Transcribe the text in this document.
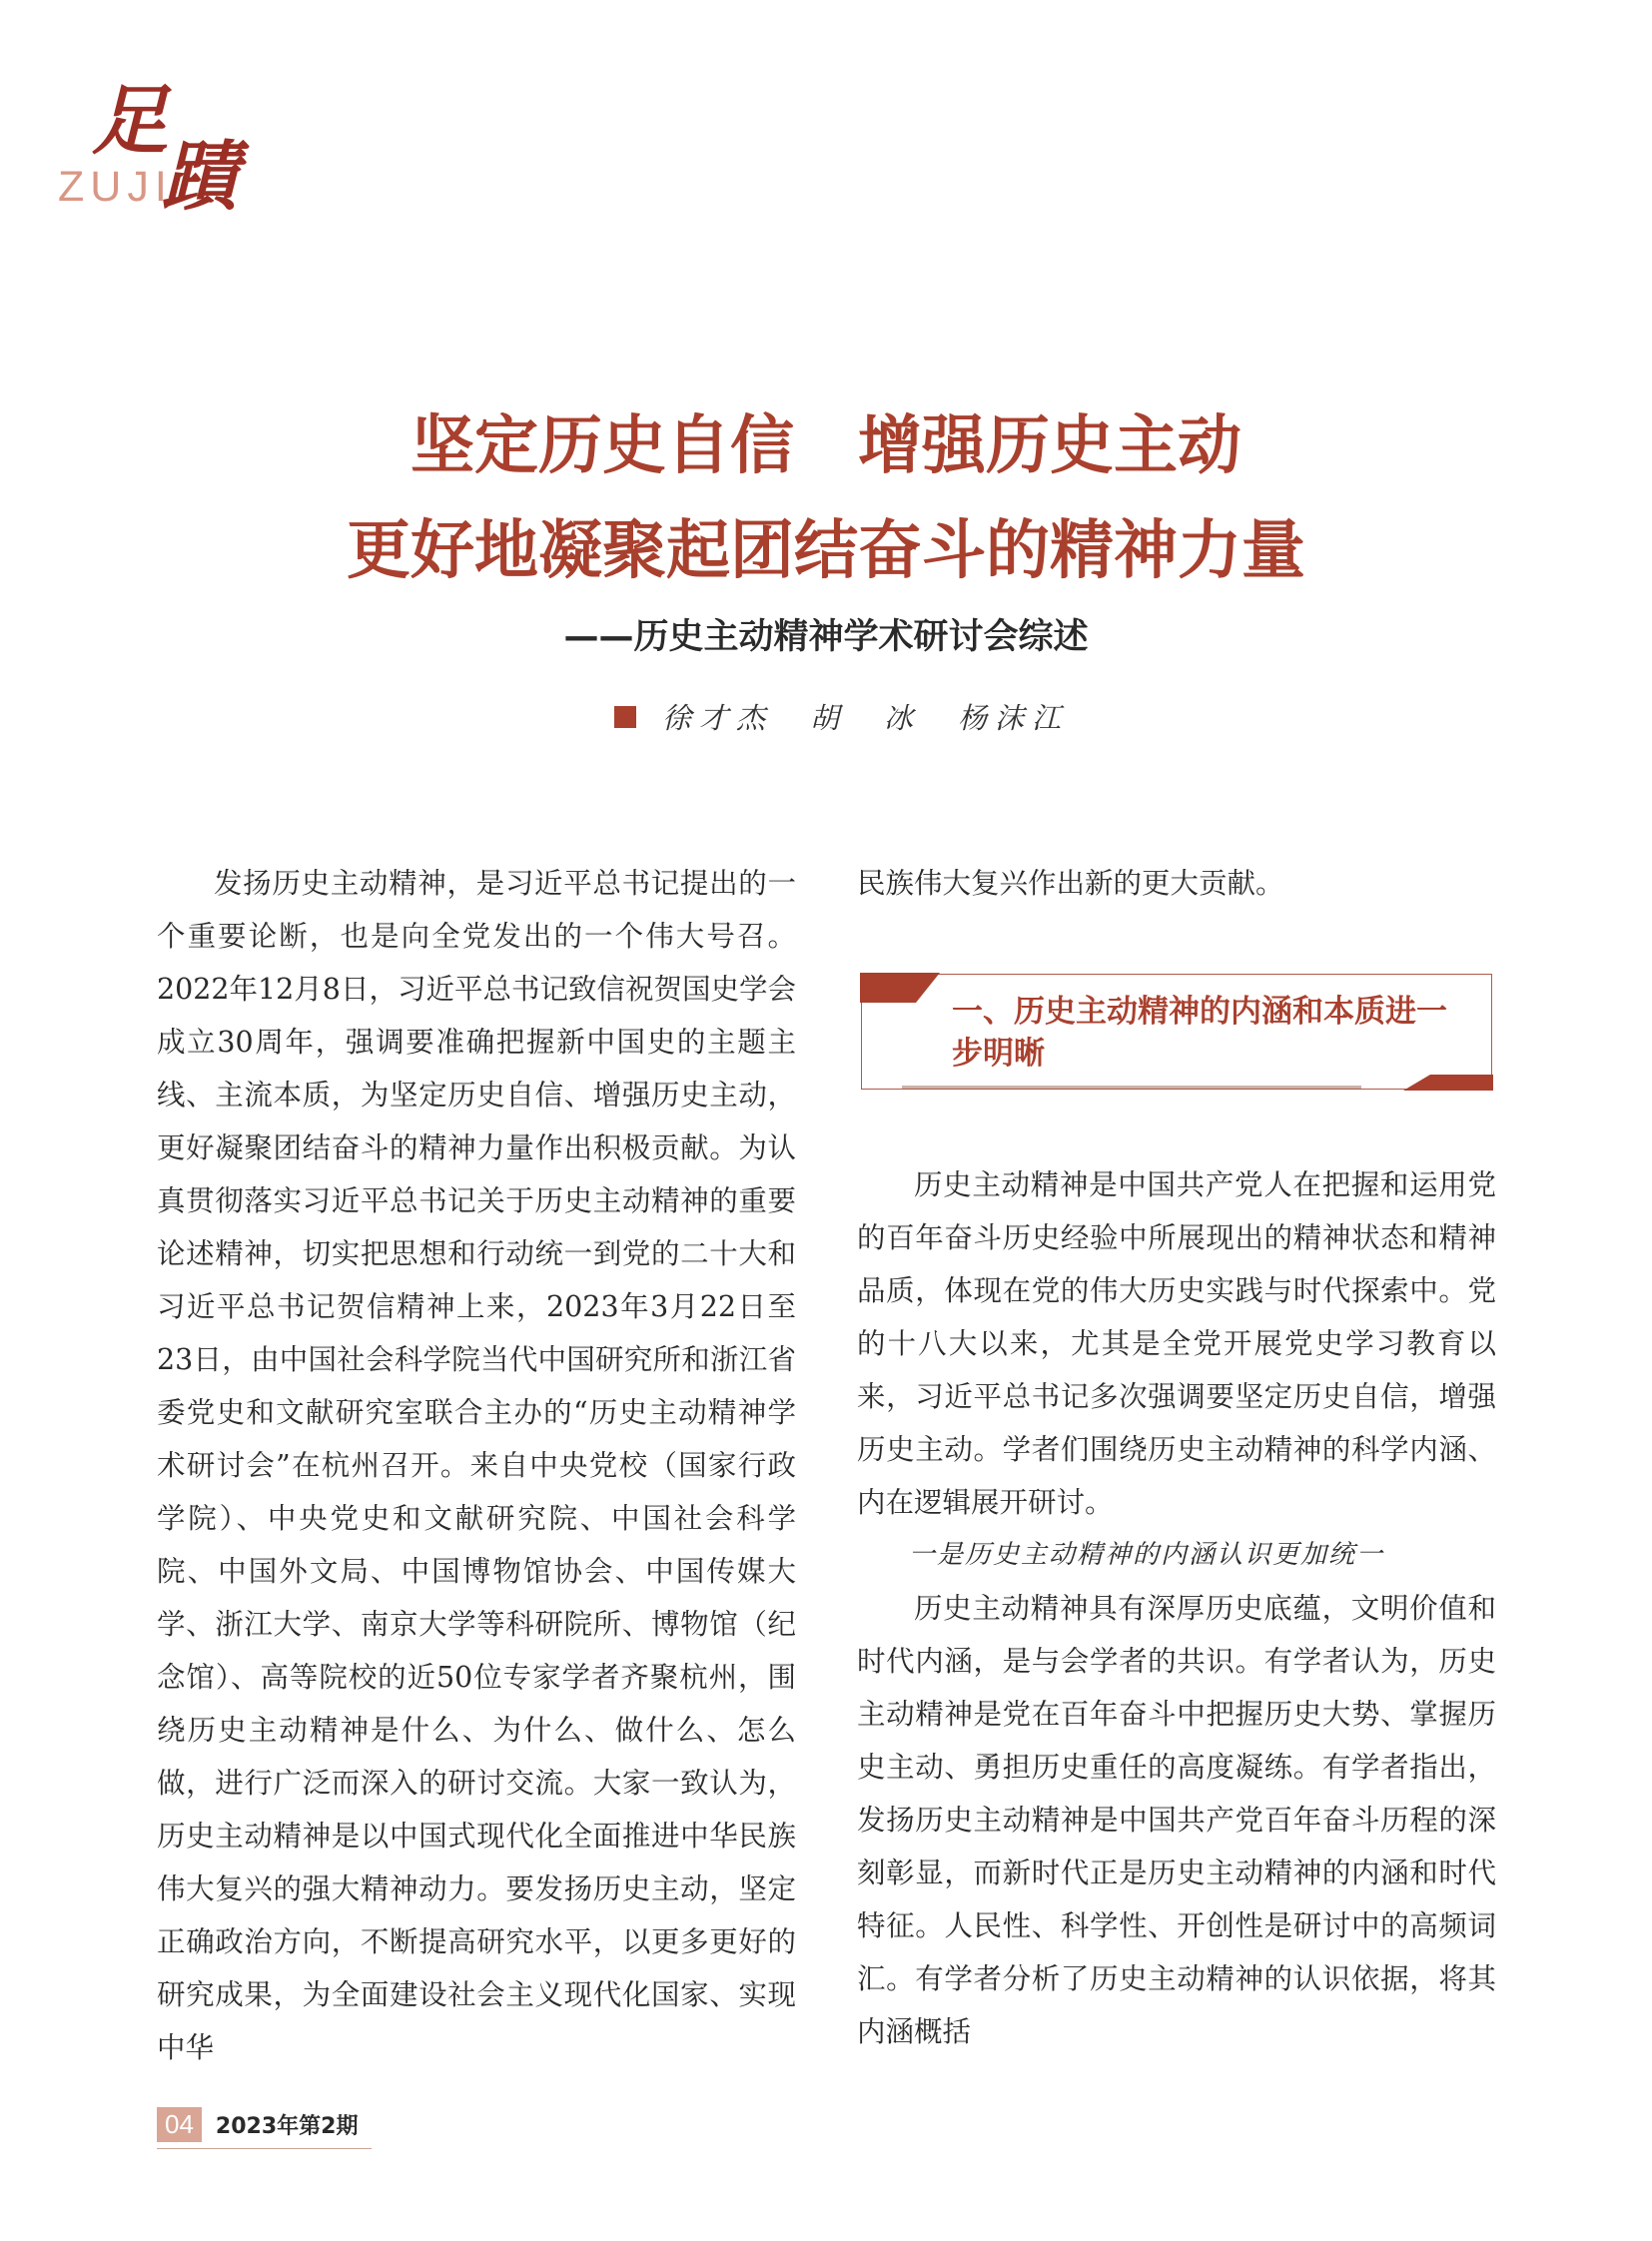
足
蹟
ZUJI
坚定历史自信 增强历史主动
更好地凝聚起团结奋斗的精神力量
——历史主动精神学术研讨会综述
徐才杰　胡　冰　杨沫江
发扬历史主动精神，是习近平总书记提出的一个重要论断，也是向全党发出的一个伟大号召。2022年12月8日，习近平总书记致信祝贺国史学会成立30周年，强调要准确把握新中国史的主题主线、主流本质，为坚定历史自信、增强历史主动，更好凝聚团结奋斗的精神力量作出积极贡献。为认真贯彻落实习近平总书记关于历史主动精神的重要论述精神，切实把思想和行动统一到党的二十大和习近平总书记贺信精神上来，2023年3月22日至23日，由中国社会科学院当代中国研究所和浙江省委党史和文献研究室联合主办的“历史主动精神学术研讨会”在杭州召开。来自中央党校（国家行政学院）、中央党史和文献研究院、中国社会科学院、中国外文局、中国博物馆协会、中国传媒大学、浙江大学、南京大学等科研院所、博物馆（纪念馆）、高等院校的近50位专家学者齐聚杭州，围绕历史主动精神是什么、为什么、做什么、怎么做，进行广泛而深入的研讨交流。大家一致认为，历史主动精神是以中国式现代化全面推进中华民族伟大复兴的强大精神动力。要发扬历史主动，坚定正确政治方向，不断提高研究水平，以更多更好的研究成果，为全面建设社会主义现代化国家、实现中华
民族伟大复兴作出新的更大贡献。
一、历史主动精神的内涵和本质进一步明晰
历史主动精神是中国共产党人在把握和运用党的百年奋斗历史经验中所展现出的精神状态和精神品质，体现在党的伟大历史实践与时代探索中。党的十八大以来，尤其是全党开展党史学习教育以来，习近平总书记多次强调要坚定历史自信，增强历史主动。学者们围绕历史主动精神的科学内涵、内在逻辑展开研讨。
一是历史主动精神的内涵认识更加统一
历史主动精神具有深厚历史底蕴，文明价值和时代内涵，是与会学者的共识。有学者认为，历史主动精神是党在百年奋斗中把握历史大势、掌握历史主动、勇担历史重任的高度凝练。有学者指出，发扬历史主动精神是中国共产党百年奋斗历程的深刻彰显，而新时代正是历史主动精神的内涵和时代特征。人民性、科学性、开创性是研讨中的高频词汇。有学者分析了历史主动精神的认识依据，将其内涵概括
04	2023年第2期
